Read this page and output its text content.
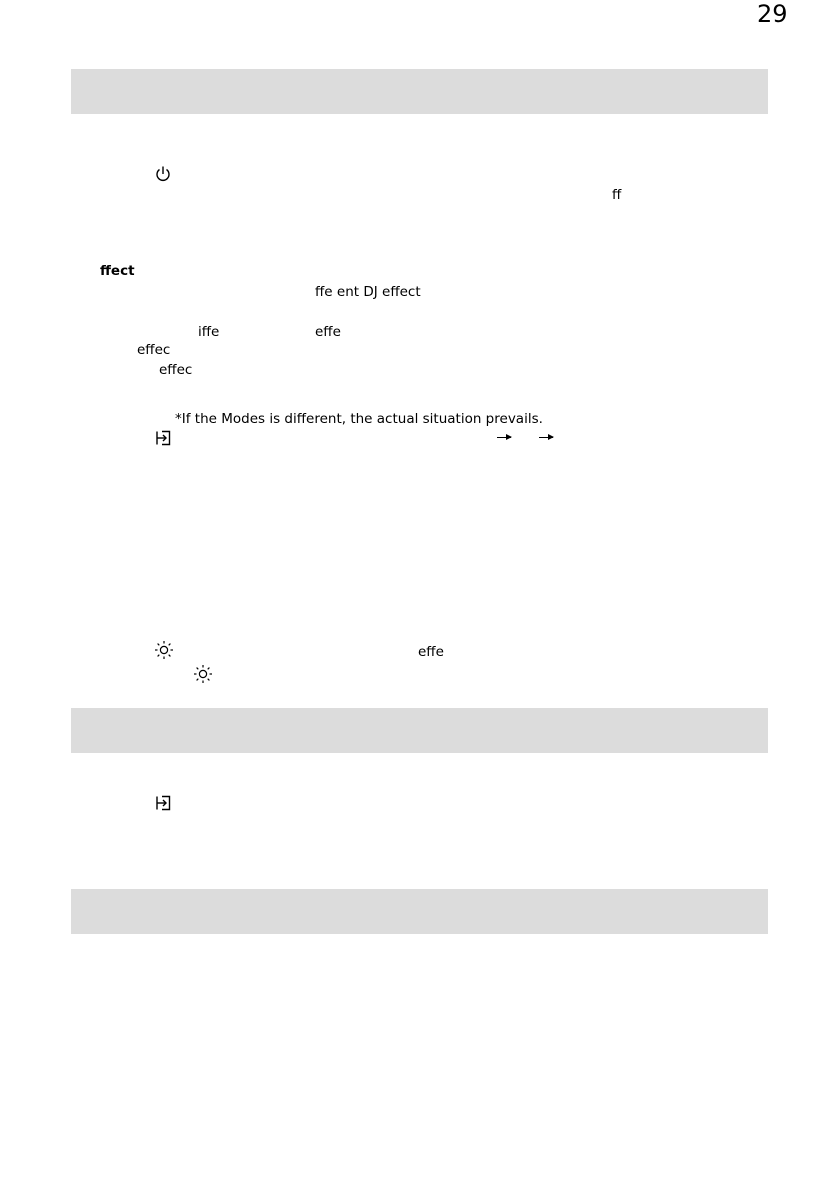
29
ff
ffect
ffe ent DJ effect
iffe	effe
effec
effec
*If the Modes is different, the actual situation prevails.
effe
